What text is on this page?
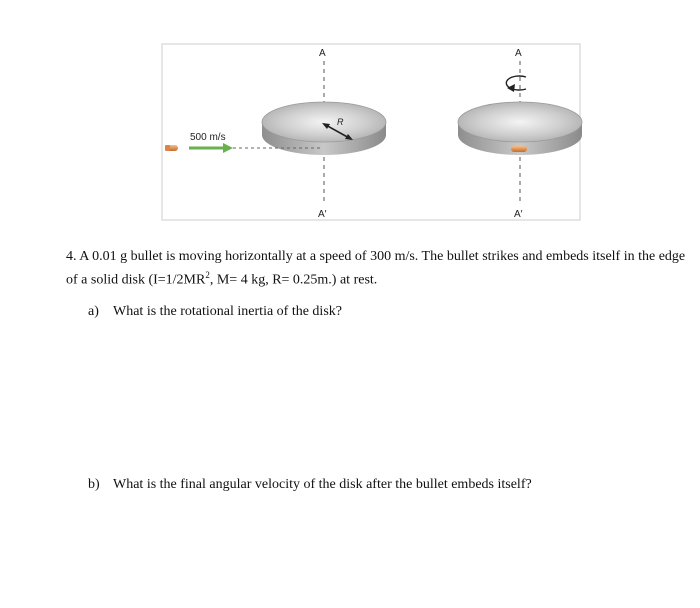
A
A′
R
500 m/s
A
A′

4. A 0.01 g bullet is moving horizontally at a speed of 300 m/s. The bullet strikes and embeds itself in the edge of a solid disk ($I=1/2MR^2$, M= 4 kg, R= 0.25m.) at rest.

a) What is the rotational inertia of the disk?

b) What is the final angular velocity of the disk after the bullet embeds itself?
